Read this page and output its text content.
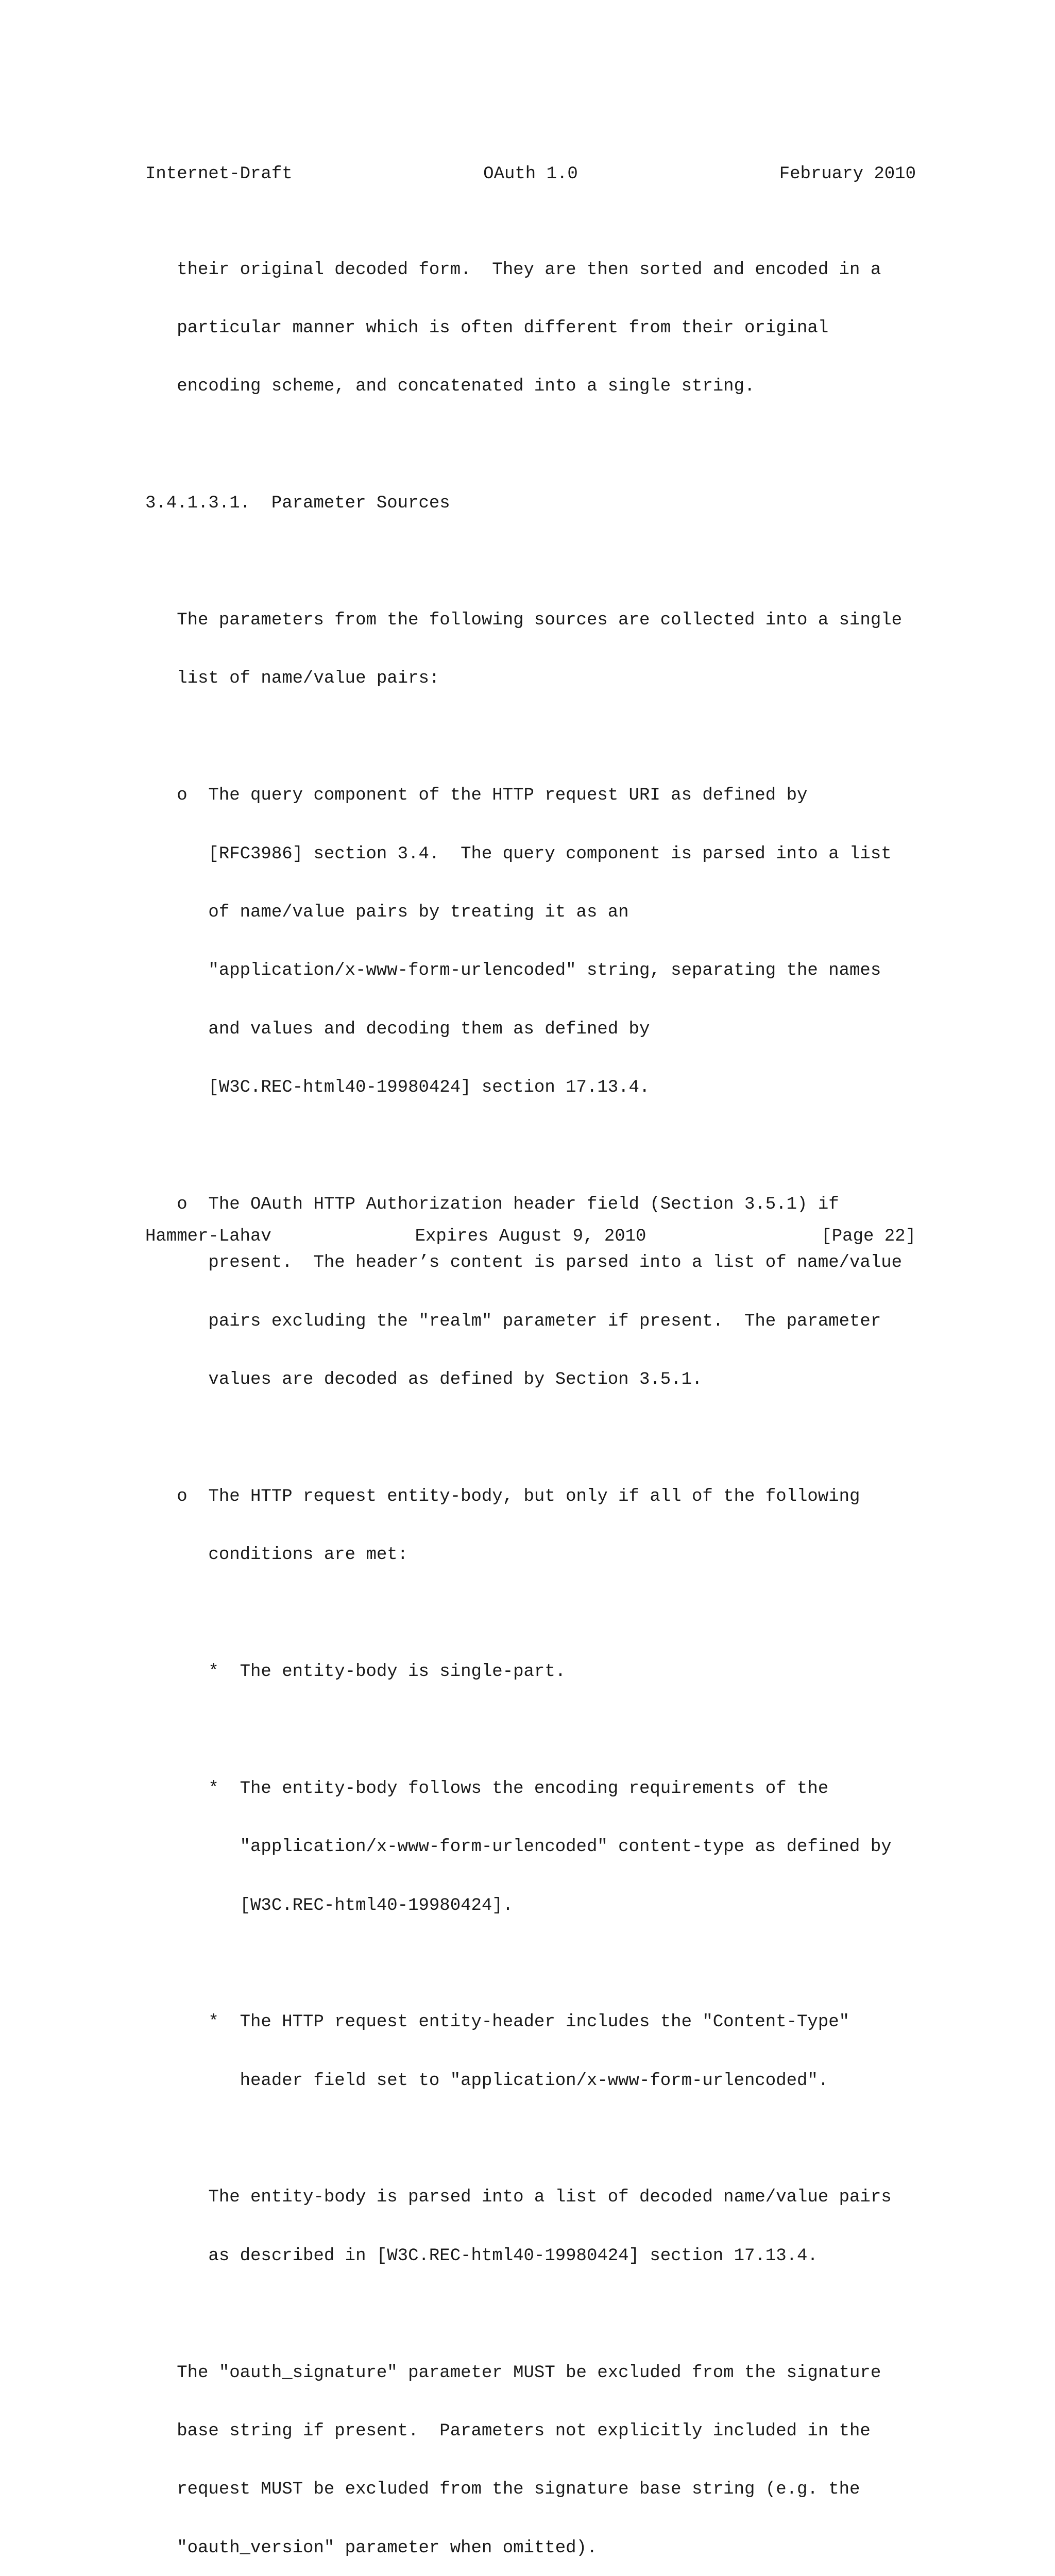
Internet-Draft	OAuth 1.0	February 2010

their original decoded form.  They are then sorted and encoded in a

particular manner which is often different from their original

encoding scheme, and concatenated into a single string.

3.4.1.3.1.  Parameter Sources

The parameters from the following sources are collected into a single

list of name/value pairs:

o  The query component of the HTTP request URI as defined by

[RFC3986] section 3.4.  The query component is parsed into a list

of name/value pairs by treating it as an

"application/x-www-form-urlencoded" string, separating the names

and values and decoding them as defined by

[W3C.REC-html40-19980424] section 17.13.4.

o  The OAuth HTTP Authorization header field (Section 3.5.1) if

present.  The header’s content is parsed into a list of name/value

pairs excluding the "realm" parameter if present.  The parameter

values are decoded as defined by Section 3.5.1.

o  The HTTP request entity-body, but only if all of the following

conditions are met:

*  The entity-body is single-part.

*  The entity-body follows the encoding requirements of the

"application/x-www-form-urlencoded" content-type as defined by

[W3C.REC-html40-19980424].

*  The HTTP request entity-header includes the "Content-Type"

header field set to "application/x-www-form-urlencoded".

The entity-body is parsed into a list of decoded name/value pairs

as described in [W3C.REC-html40-19980424] section 17.13.4.

The "oauth_signature" parameter MUST be excluded from the signature

base string if present.  Parameters not explicitly included in the

request MUST be excluded from the signature base string (e.g. the

"oauth_version" parameter when omitted).

Hammer-Lahav	Expires August 9, 2010	[Page 22]
